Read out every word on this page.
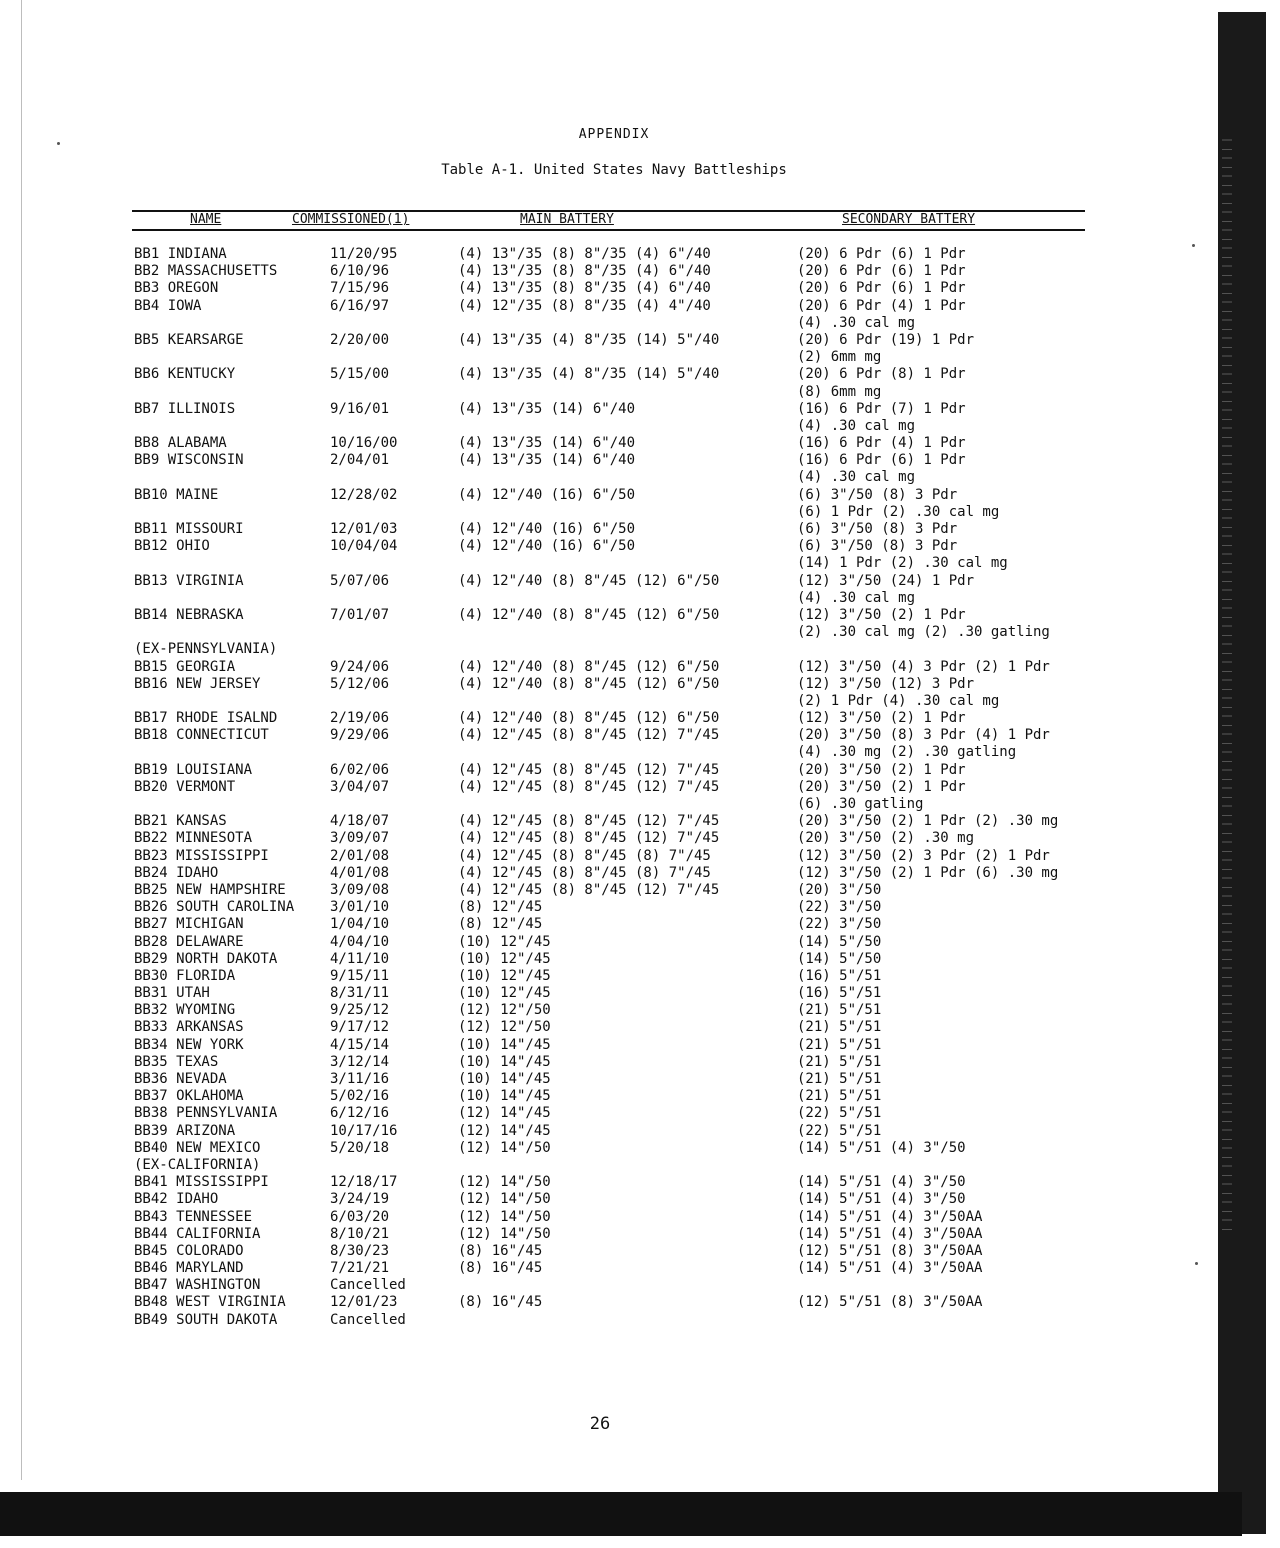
APPENDIX
Table A-1. United States Navy Battleships
NAME	COMMISSIONED(1)	MAIN BATTERY	SECONDARY BATTERY
BB1 INDIANA	11/20/95	(4) 13"/35 (8) 8"/35 (4) 6"/40	(20) 6 Pdr (6) 1 Pdr
BB2 MASSACHUSETTS	6/10/96	(4) 13"/35 (8) 8"/35 (4) 6"/40	(20) 6 Pdr (6) 1 Pdr
BB3 OREGON	7/15/96	(4) 13"/35 (8) 8"/35 (4) 6"/40	(20) 6 Pdr (6) 1 Pdr
BB4 IOWA	6/16/97	(4) 12"/35 (8) 8"/35 (4) 4"/40	(20) 6 Pdr (4) 1 Pdr
(4) .30 cal mg
BB5 KEARSARGE	2/20/00	(4) 13"/35 (4) 8"/35 (14) 5"/40	(20) 6 Pdr (19) 1 Pdr
(2) 6mm mg
BB6 KENTUCKY	5/15/00	(4) 13"/35 (4) 8"/35 (14) 5"/40	(20) 6 Pdr (8) 1 Pdr
(8) 6mm mg
BB7 ILLINOIS	9/16/01	(4) 13"/35 (14) 6"/40	(16) 6 Pdr (7) 1 Pdr
(4) .30 cal mg
BB8 ALABAMA	10/16/00	(4) 13"/35 (14) 6"/40	(16) 6 Pdr (4) 1 Pdr
BB9 WISCONSIN	2/04/01	(4) 13"/35 (14) 6"/40	(16) 6 Pdr (6) 1 Pdr
(4) .30 cal mg
BB10 MAINE	12/28/02	(4) 12"/40 (16) 6"/50	(6) 3"/50 (8) 3 Pdr
(6) 1 Pdr (2) .30 cal mg
BB11 MISSOURI	12/01/03	(4) 12"/40 (16) 6"/50	(6) 3"/50 (8) 3 Pdr
BB12 OHIO	10/04/04	(4) 12"/40 (16) 6"/50	(6) 3"/50 (8) 3 Pdr
(14) 1 Pdr (2) .30 cal mg
BB13 VIRGINIA	5/07/06	(4) 12"/40 (8) 8"/45 (12) 6"/50	(12) 3"/50 (24) 1 Pdr
(4) .30 cal mg
BB14 NEBRASKA	7/01/07	(4) 12"/40 (8) 8"/45 (12) 6"/50	(12) 3"/50 (2) 1 Pdr
(2) .30 cal mg (2) .30 gatling
(EX-PENNSYLVANIA)
BB15 GEORGIA	9/24/06	(4) 12"/40 (8) 8"/45 (12) 6"/50	(12) 3"/50 (4) 3 Pdr (2) 1 Pdr
BB16 NEW JERSEY	5/12/06	(4) 12"/40 (8) 8"/45 (12) 6"/50	(12) 3"/50 (12) 3 Pdr
(2) 1 Pdr (4) .30 cal mg
BB17 RHODE ISALND	2/19/06	(4) 12"/40 (8) 8"/45 (12) 6"/50	(12) 3"/50 (2) 1 Pdr
BB18 CONNECTICUT	9/29/06	(4) 12"/45 (8) 8"/45 (12) 7"/45	(20) 3"/50 (8) 3 Pdr (4) 1 Pdr
(4) .30 mg (2) .30 gatling
BB19 LOUISIANA	6/02/06	(4) 12"/45 (8) 8"/45 (12) 7"/45	(20) 3"/50 (2) 1 Pdr
BB20 VERMONT	3/04/07	(4) 12"/45 (8) 8"/45 (12) 7"/45	(20) 3"/50 (2) 1 Pdr
(6) .30 gatling
BB21 KANSAS	4/18/07	(4) 12"/45 (8) 8"/45 (12) 7"/45	(20) 3"/50 (2) 1 Pdr (2) .30 mg
BB22 MINNESOTA	3/09/07	(4) 12"/45 (8) 8"/45 (12) 7"/45	(20) 3"/50 (2) .30 mg
BB23 MISSISSIPPI	2/01/08	(4) 12"/45 (8) 8"/45 (8) 7"/45	(12) 3"/50 (2) 3 Pdr (2) 1 Pdr
BB24 IDAHO	4/01/08	(4) 12"/45 (8) 8"/45 (8) 7"/45	(12) 3"/50 (2) 1 Pdr (6) .30 mg
BB25 NEW HAMPSHIRE	3/09/08	(4) 12"/45 (8) 8"/45 (12) 7"/45	(20) 3"/50
BB26 SOUTH CAROLINA	3/01/10	(8) 12"/45	(22) 3"/50
BB27 MICHIGAN	1/04/10	(8) 12"/45	(22) 3"/50
BB28 DELAWARE	4/04/10	(10) 12"/45	(14) 5"/50
BB29 NORTH DAKOTA	4/11/10	(10) 12"/45	(14) 5"/50
BB30 FLORIDA	9/15/11	(10) 12"/45	(16) 5"/51
BB31 UTAH	8/31/11	(10) 12"/45	(16) 5"/51
BB32 WYOMING	9/25/12	(12) 12"/50	(21) 5"/51
BB33 ARKANSAS	9/17/12	(12) 12"/50	(21) 5"/51
BB34 NEW YORK	4/15/14	(10) 14"/45	(21) 5"/51
BB35 TEXAS	3/12/14	(10) 14"/45	(21) 5"/51
BB36 NEVADA	3/11/16	(10) 14"/45	(21) 5"/51
BB37 OKLAHOMA	5/02/16	(10) 14"/45	(21) 5"/51
BB38 PENNSYLVANIA	6/12/16	(12) 14"/45	(22) 5"/51
BB39 ARIZONA	10/17/16	(12) 14"/45	(22) 5"/51
BB40 NEW MEXICO	5/20/18	(12) 14"/50	(14) 5"/51 (4) 3"/50
(EX-CALIFORNIA)
BB41 MISSISSIPPI	12/18/17	(12) 14"/50	(14) 5"/51 (4) 3"/50
BB42 IDAHO	3/24/19	(12) 14"/50	(14) 5"/51 (4) 3"/50
BB43 TENNESSEE	6/03/20	(12) 14"/50	(14) 5"/51 (4) 3"/50AA
BB44 CALIFORNIA	8/10/21	(12) 14"/50	(14) 5"/51 (4) 3"/50AA
BB45 COLORADO	8/30/23	(8) 16"/45	(12) 5"/51 (8) 3"/50AA
BB46 MARYLAND	7/21/21	(8) 16"/45	(14) 5"/51 (4) 3"/50AA
BB47 WASHINGTON	Cancelled
BB48 WEST VIRGINIA	12/01/23	(8) 16"/45	(12) 5"/51 (8) 3"/50AA
BB49 SOUTH DAKOTA	Cancelled
26
